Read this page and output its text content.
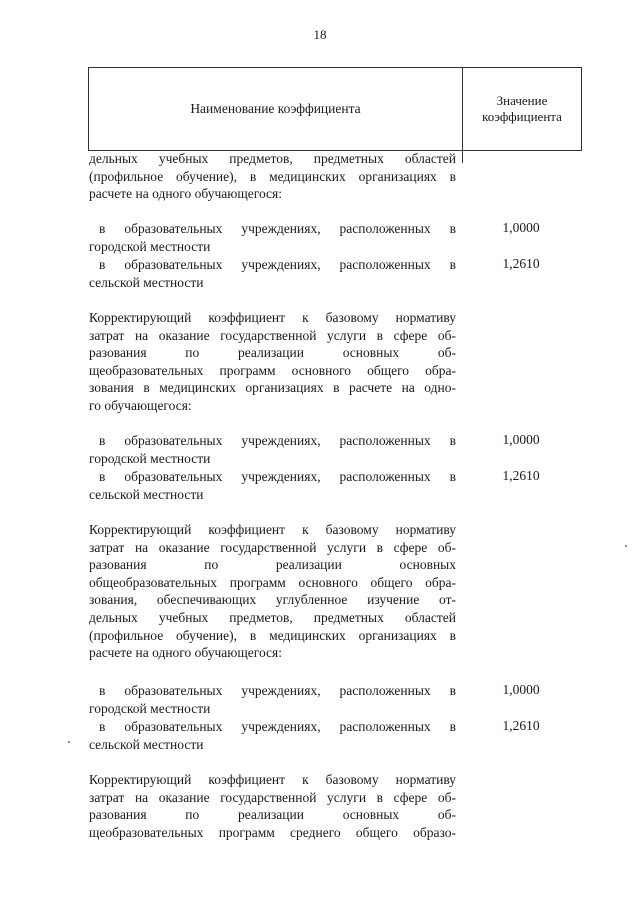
18
Наименование коэффициента
Значение
коэффициента
дельных учебных предметов, предметных областей
(профильное обучение), в медицинских организациях в
расчете на одного обучающегося:
в образовательных учреждениях, расположенных в
городской местности
1,0000
в образовательных учреждениях, расположенных в
сельской местности
1,2610
Корректирующий коэффициент к базовому нормативу
затрат на оказание государственной услуги в сфере об-
разования по реализации основных об-
щеобразовательных программ основного общего обра-
зования в медицинских организациях в расчете на одно-
го обучающегося:
в образовательных учреждениях, расположенных в
городской местности
1,0000
в образовательных учреждениях, расположенных в
сельской местности
1,2610
Корректирующий коэффициент к базовому нормативу
затрат на оказание государственной услуги в сфере об-
разования по реализации основных
общеобразовательных программ основного общего обра-
зования, обеспечивающих углубленное изучение от-
дельных учебных предметов, предметных областей
(профильное обучение), в медицинских организациях в
расчете на одного обучающегося:
в образовательных учреждениях, расположенных в
городской местности
1,0000
в образовательных учреждениях, расположенных в
сельской местности
1,2610
Корректирующий коэффициент к базовому нормативу
затрат на оказание государственной услуги в сфере об-
разования по реализации основных об-
щеобразовательных программ среднего общего образо-
